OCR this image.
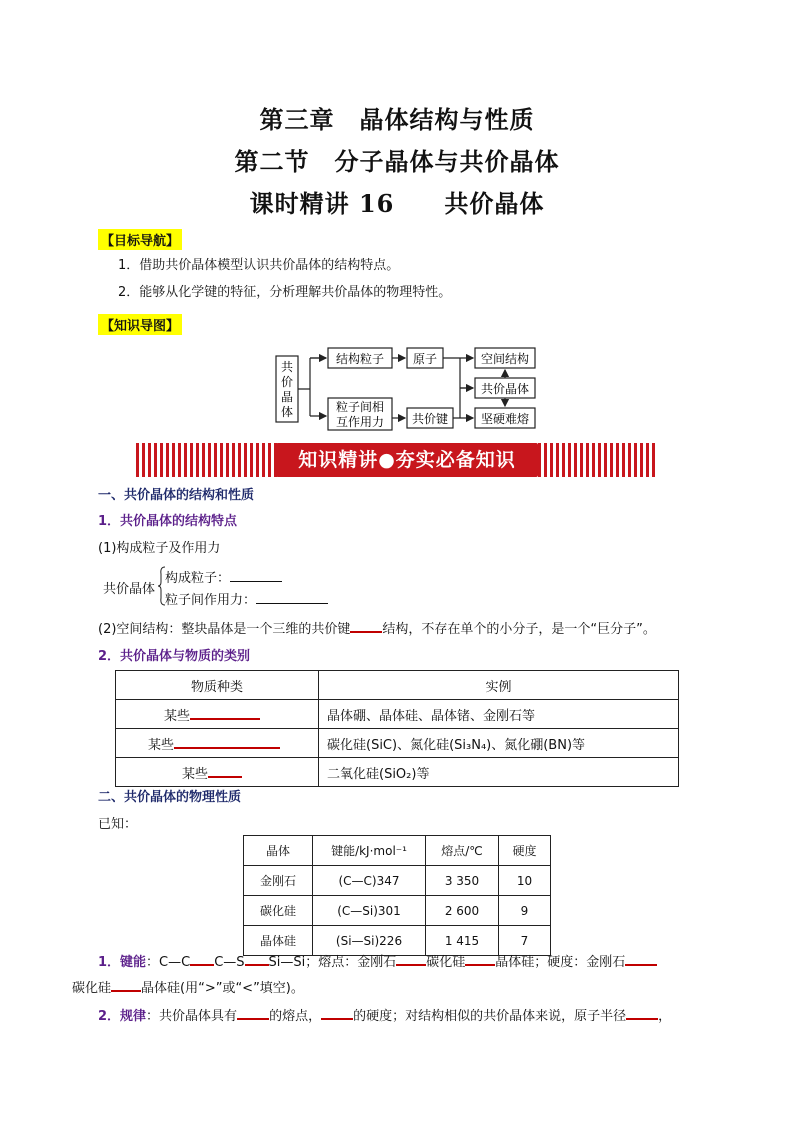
第三章　晶体结构与性质
第二节　分子晶体与共价晶体
课时精讲 16　　共价晶体
【目标导航】
1．借助共价晶体模型认识共价晶体的结构特点。
2．能够从化学键的特征，分析理解共价晶体的物理特性。
【知识导图】
共
价
晶
体
结构粒子 原子	空间结构
共价晶体
粒子间相
互作用力 共价键	坚硬难熔
知识精讲●夯实必备知识
一、共价晶体的结构和性质
1．共价晶体的结构特点
(1)构成粒子及作用力
共价晶体
构成粒子：
粒子间作用力：
(2)空间结构：整块晶体是一个三维的共价键 结构，不存在单个的小分子，是一个“巨分子”。
2．共价晶体与物质的类别
物质种类	实例
某些	晶体硼、晶体硅、晶体锗、金刚石等
某些	碳化硅(SiC)、氮化硅(Si₃N₄)、氮化硼(BN)等
某些	二氧化硅(SiO₂)等
二、共价晶体的物理性质
已知：
晶体	键能/kJ·mol⁻¹	熔点/℃	硬度
金刚石	(C—C)347	3 350	10
碳化硅	(C—Si)301	2 600	9
晶体硅	(Si—Si)226	1 415	7
1．键能：C—C C—S Si—Si；熔点：金刚石 碳化硅 晶体硅；硬度：金刚石
碳化硅 晶体硅(用“>”或“<”填空)。
2．规律：共价晶体具有 的熔点， 的硬度；对结构相似的共价晶体来说，原子半径 ，
